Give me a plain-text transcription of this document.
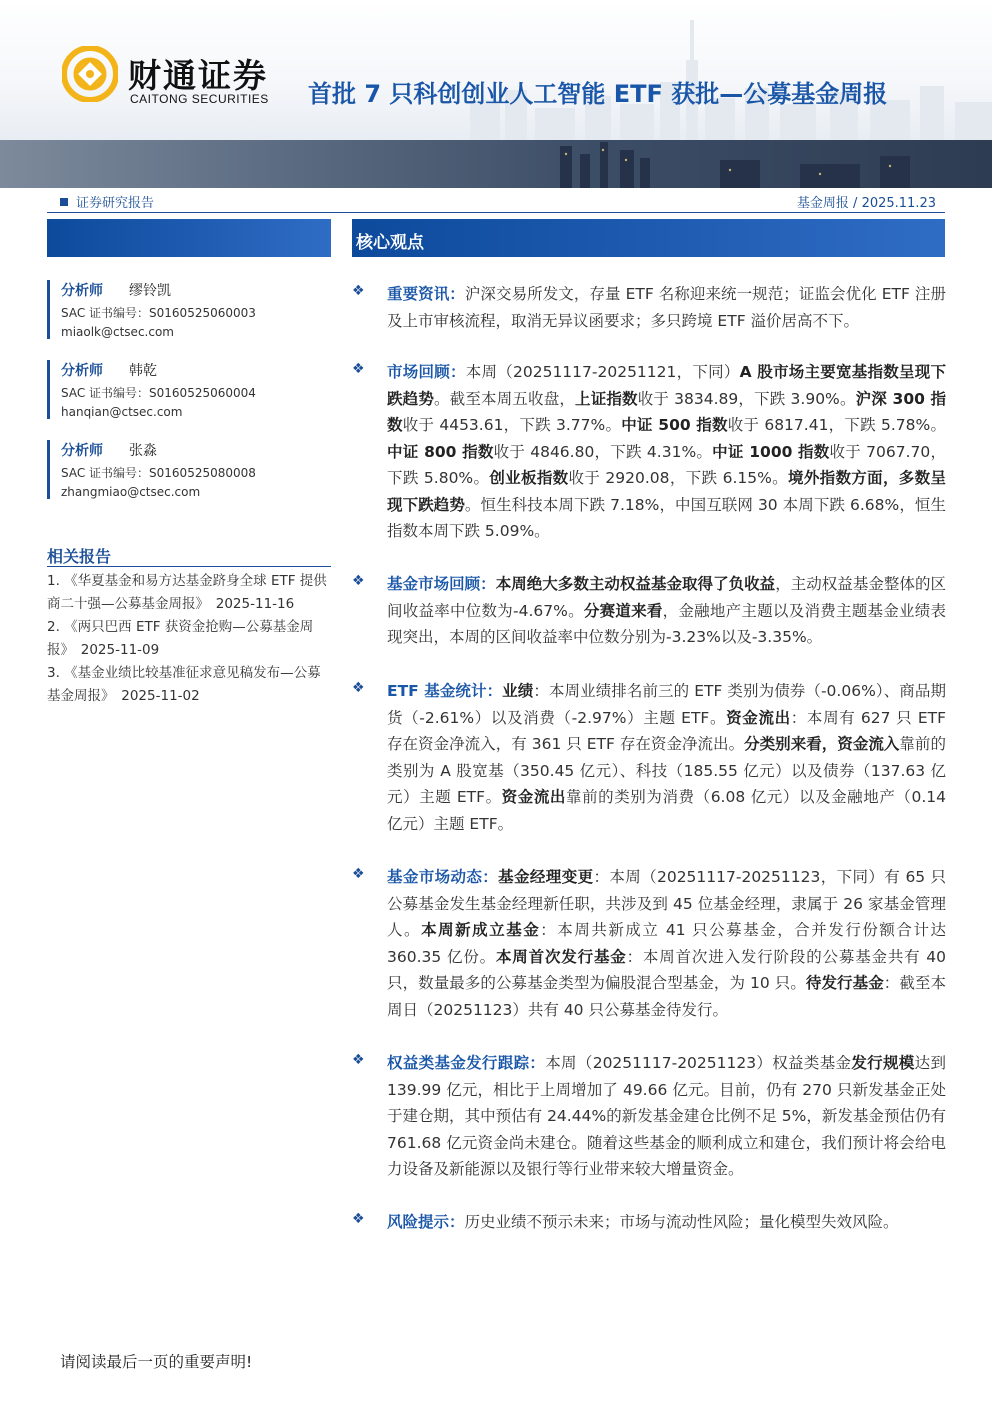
财通证券
CAITONG SECURITIES 首批 7 只科创创业人工智能 ETF 获批—公募基金周报
证券研究报告	基金周报 / 2025.11.23
核心观点
分析师 缪铃凯
SAC 证书编号：S0160525060003
miaolk@ctsec.com
分析师 韩乾
SAC 证书编号：S0160525060004
hanqian@ctsec.com
分析师 张淼
SAC 证书编号：S0160525080008
zhangmiao@ctsec.com
相关报告

1. 《华夏基金和易方达基金跻身全球 ETF 提供商二十强—公募基金周报》　2025-11-16

2. 《两只巴西 ETF 获资金抢购—公募基金周报》　2025-11-09

3. 《基金业绩比较基准征求意见稿发布—公募基金周报》　2025-11-02

❖ 重要资讯：沪深交易所发文，存量 ETF 名称迎来统一规范；证监会优化 ETF 注册及上市审核流程，取消无异议函要求；多只跨境 ETF 溢价居高不下。
❖ 市场回顾：本周（20251117-20251121，下同）A 股市场主要宽基指数呈现下跌趋势。截至本周五收盘，上证指数收于 3834.89，下跌 3.90%。沪深 300 指数收于 4453.61，下跌 3.77%。中证 500 指数收于 6817.41，下跌 5.78%。中证 800 指数收于 4846.80，下跌 4.31%。中证 1000 指数收于 7067.70，下跌 5.80%。创业板指数收于 2920.08，下跌 6.15%。境外指数方面，多数呈现下跌趋势。恒生科技本周下跌 7.18%，中国互联网 30 本周下跌 6.68%，恒生指数本周下跌 5.09%。
❖ 基金市场回顾：本周绝大多数主动权益基金取得了负收益，主动权益基金整体的区间收益率中位数为-4.67%。分赛道来看，金融地产主题以及消费主题基金业绩表现突出，本周的区间收益率中位数分别为-3.23%以及-3.35%。
❖ ETF 基金统计：业绩：本周业绩排名前三的 ETF 类别为债券（-0.06%）、商品期货（-2.61%）以及消费（-2.97%）主题 ETF。资金流出：本周有 627 只 ETF 存在资金净流入，有 361 只 ETF 存在资金净流出。分类别来看，资金流入靠前的类别为 A 股宽基（350.45 亿元）、科技（185.55 亿元）以及债券（137.63 亿元）主题 ETF。资金流出靠前的类别为消费（6.08 亿元）以及金融地产（0.14 亿元）主题 ETF。
❖ 基金市场动态：基金经理变更：本周（20251117-20251123，下同）有 65 只公募基金发生基金经理新任职，共涉及到 45 位基金经理，隶属于 26 家基金管理人。本周新成立基金：本周共新成立 41 只公募基金，合并发行份额合计达 360.35 亿份。本周首次发行基金：本周首次进入发行阶段的公募基金共有 40 只，数量最多的公募基金类型为偏股混合型基金，为 10 只。待发行基金：截至本周日（20251123）共有 40 只公募基金待发行。
❖ 权益类基金发行跟踪：本周（20251117-20251123）权益类基金发行规模达到 139.99 亿元，相比于上周增加了 49.66 亿元。目前，仍有 270 只新发基金正处于建仓期，其中预估有 24.44%的新发基金建仓比例不足 5%，新发基金预估仍有 761.68 亿元资金尚未建仓。随着这些基金的顺利成立和建仓，我们预计将会给电力设备及新能源以及银行等行业带来较大增量资金。
❖ 风险提示：历史业绩不预示未来；市场与流动性风险；量化模型失效风险。
请阅读最后一页的重要声明!
